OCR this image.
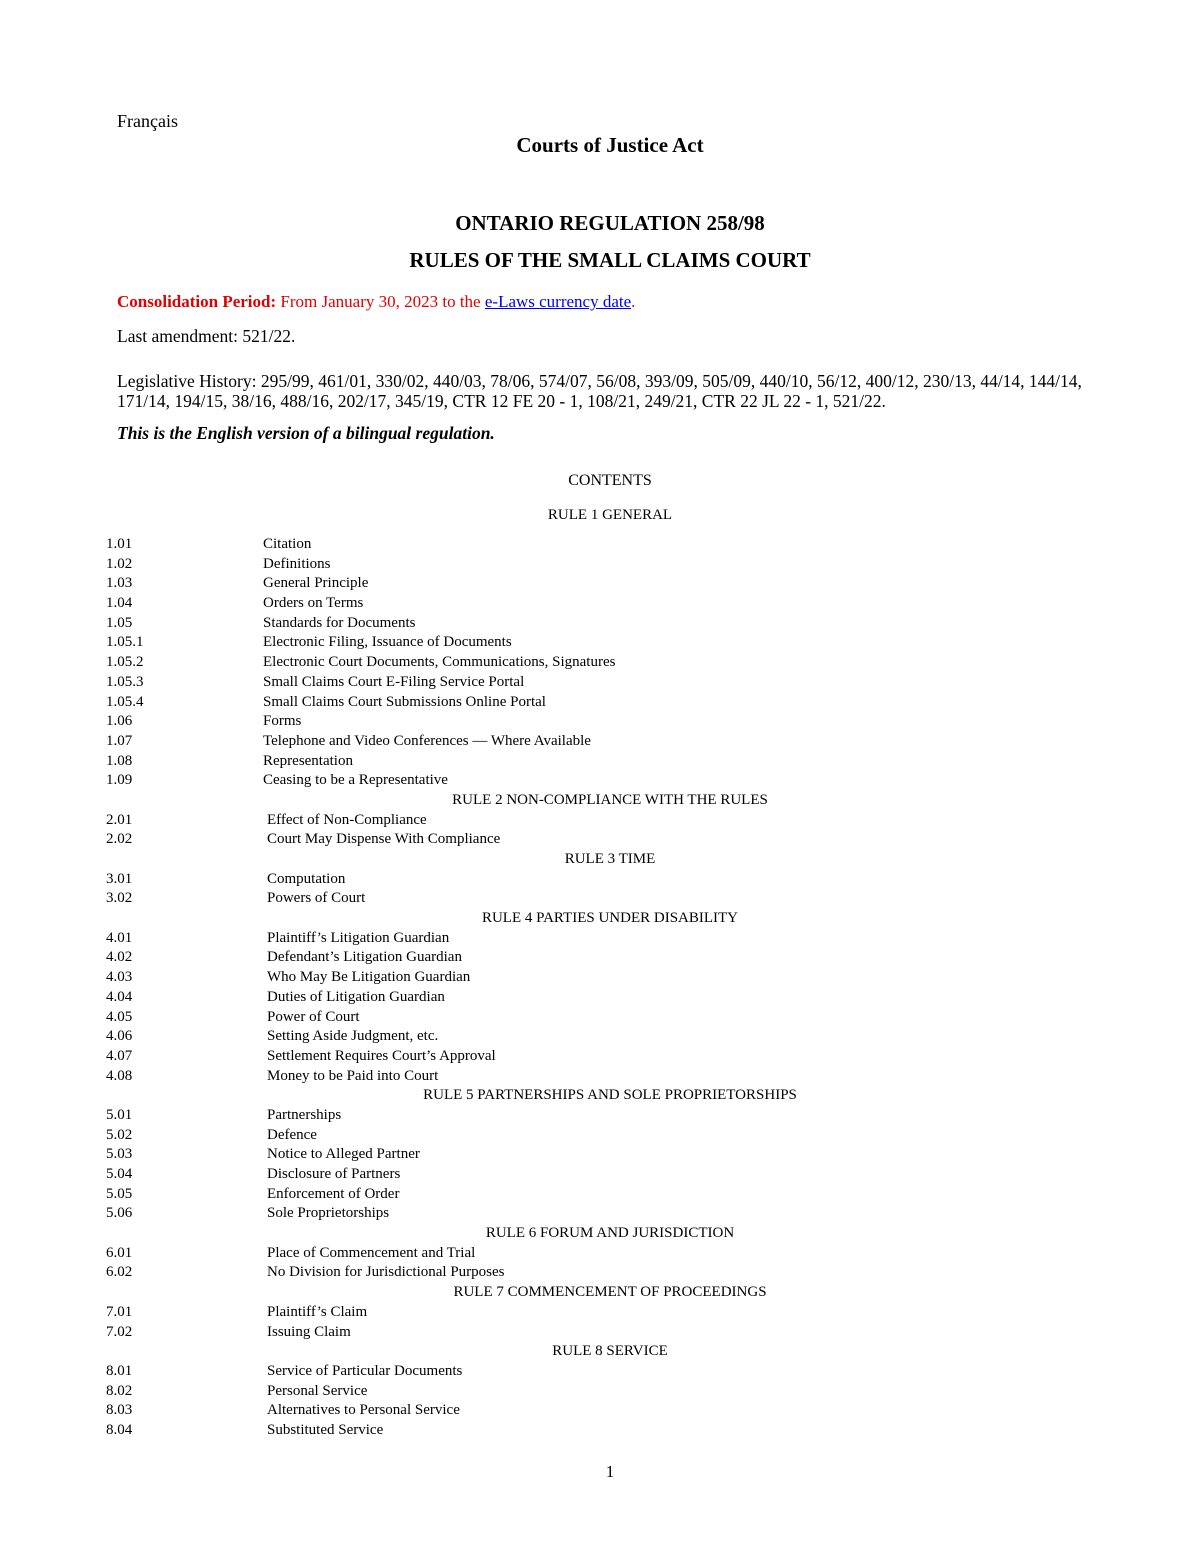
Français
Courts of Justice Act
ONTARIO REGULATION 258/98
RULES OF THE SMALL CLAIMS COURT
Consolidation Period: From January 30, 2023 to the e-Laws currency date.
Last amendment: 521/22.
Legislative History: 295/99, 461/01, 330/02, 440/03, 78/06, 574/07, 56/08, 393/09, 505/09, 440/10, 56/12, 400/12, 230/13, 44/14, 144/14, 171/14, 194/15, 38/16, 488/16, 202/17, 345/19, CTR 12 FE 20 - 1, 108/21, 249/21, CTR 22 JL 22 - 1, 521/22.
This is the English version of a bilingual regulation.
CONTENTS
RULE 1 GENERAL
1.01	Citation
1.02	Definitions
1.03	General Principle
1.04	Orders on Terms
1.05	Standards for Documents
1.05.1	Electronic Filing, Issuance of Documents
1.05.2	Electronic Court Documents, Communications, Signatures
1.05.3	Small Claims Court E-Filing Service Portal
1.05.4	Small Claims Court Submissions Online Portal
1.06	Forms
1.07	Telephone and Video Conferences — Where Available
1.08	Representation
1.09	Ceasing to be a Representative
RULE 2 NON-COMPLIANCE WITH THE RULES
2.01	Effect of Non-Compliance
2.02	Court May Dispense With Compliance
RULE 3 TIME
3.01	Computation
3.02	Powers of Court
RULE 4 PARTIES UNDER DISABILITY
4.01	Plaintiff’s Litigation Guardian
4.02	Defendant’s Litigation Guardian
4.03	Who May Be Litigation Guardian
4.04	Duties of Litigation Guardian
4.05	Power of Court
4.06	Setting Aside Judgment, etc.
4.07	Settlement Requires Court’s Approval
4.08	Money to be Paid into Court
RULE 5 PARTNERSHIPS AND SOLE PROPRIETORSHIPS
5.01	Partnerships
5.02	Defence
5.03	Notice to Alleged Partner
5.04	Disclosure of Partners
5.05	Enforcement of Order
5.06	Sole Proprietorships
RULE 6 FORUM AND JURISDICTION
6.01	Place of Commencement and Trial
6.02	No Division for Jurisdictional Purposes
RULE 7 COMMENCEMENT OF PROCEEDINGS
7.01	Plaintiff’s Claim
7.02	Issuing Claim
RULE 8 SERVICE
8.01	Service of Particular Documents
8.02	Personal Service
8.03	Alternatives to Personal Service
8.04	Substituted Service
1
